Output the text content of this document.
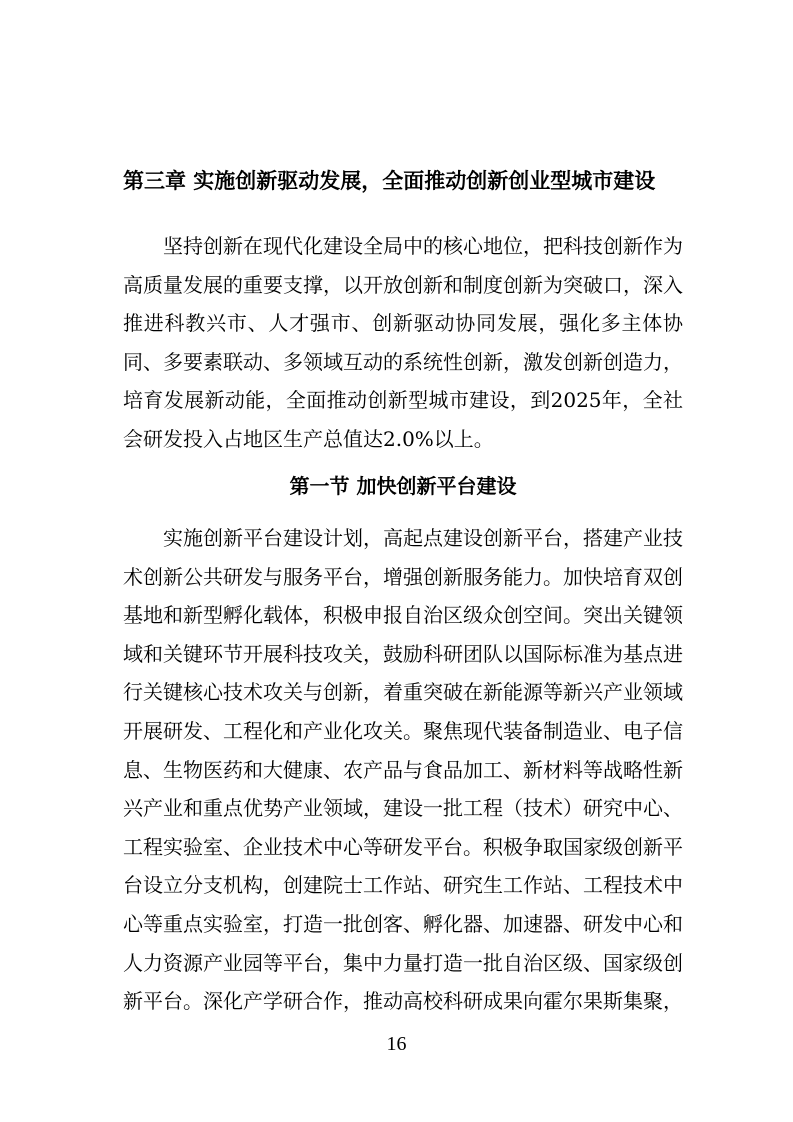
第三章 实施创新驱动发展，全面推动创新创业型城市建设

坚持创新在现代化建设全局中的核心地位，把科技创新作为高质量发展的重要支撑，以开放创新和制度创新为突破口，深入推进科教兴市、人才强市、创新驱动协同发展，强化多主体协同、多要素联动、多领域互动的系统性创新，激发创新创造力，培育发展新动能，全面推动创新型城市建设，到2025年，全社会研发投入占地区生产总值达2.0%以上。

第一节 加快创新平台建设

实施创新平台建设计划，高起点建设创新平台，搭建产业技术创新公共研发与服务平台，增强创新服务能力。加快培育双创基地和新型孵化载体，积极申报自治区级众创空间。突出关键领域和关键环节开展科技攻关，鼓励科研团队以国际标准为基点进行关键核心技术攻关与创新，着重突破在新能源等新兴产业领域开展研发、工程化和产业化攻关。聚焦现代装备制造业、电子信息、生物医药和大健康、农产品与食品加工、新材料等战略性新兴产业和重点优势产业领域，建设一批工程（技术）研究中心、工程实验室、企业技术中心等研发平台。积极争取国家级创新平台设立分支机构，创建院士工作站、研究生工作站、工程技术中心等重点实验室，打造一批创客、孵化器、加速器、研发中心和人力资源产业园等平台，集中力量打造一批自治区级、国家级创新平台。深化产学研合作，推动高校科研成果向霍尔果斯集聚，

16
